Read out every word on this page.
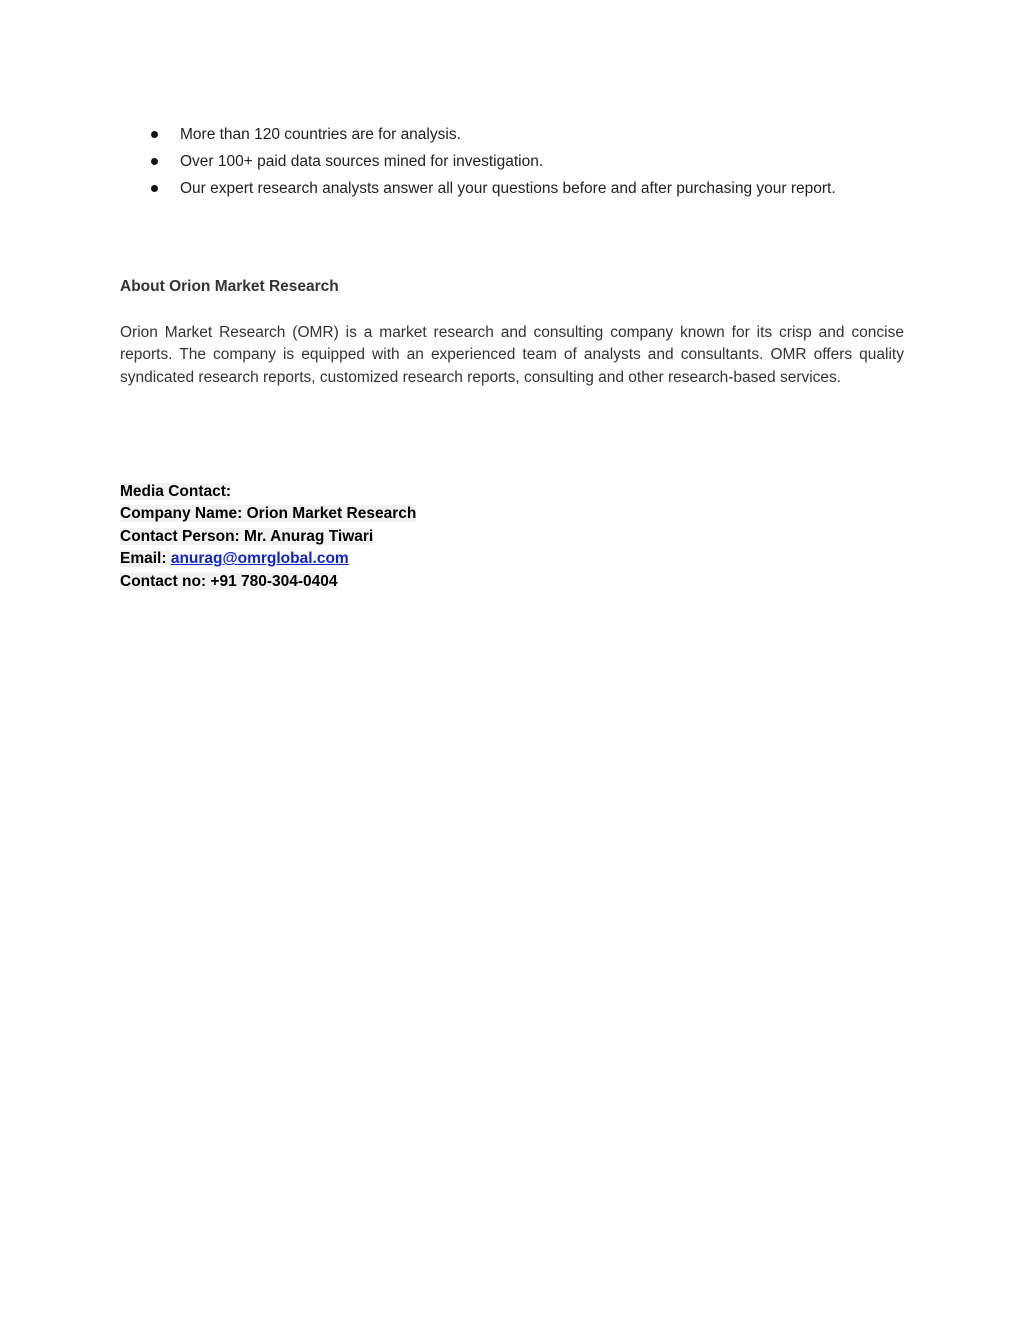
More than 120 countries are for analysis.
Over 100+ paid data sources mined for investigation.
Our expert research analysts answer all your questions before and after purchasing your report.
About Orion Market Research

Orion Market Research (OMR) is a market research and consulting company known for its crisp and concise reports. The company is equipped with an experienced team of analysts and consultants. OMR offers quality syndicated research reports, customized research reports, consulting and other research-based services.

Media Contact:
Company Name: Orion Market Research
Contact Person: Mr. Anurag Tiwari
Email: anurag@omrglobal.com
Contact no: +91 780-304-0404
